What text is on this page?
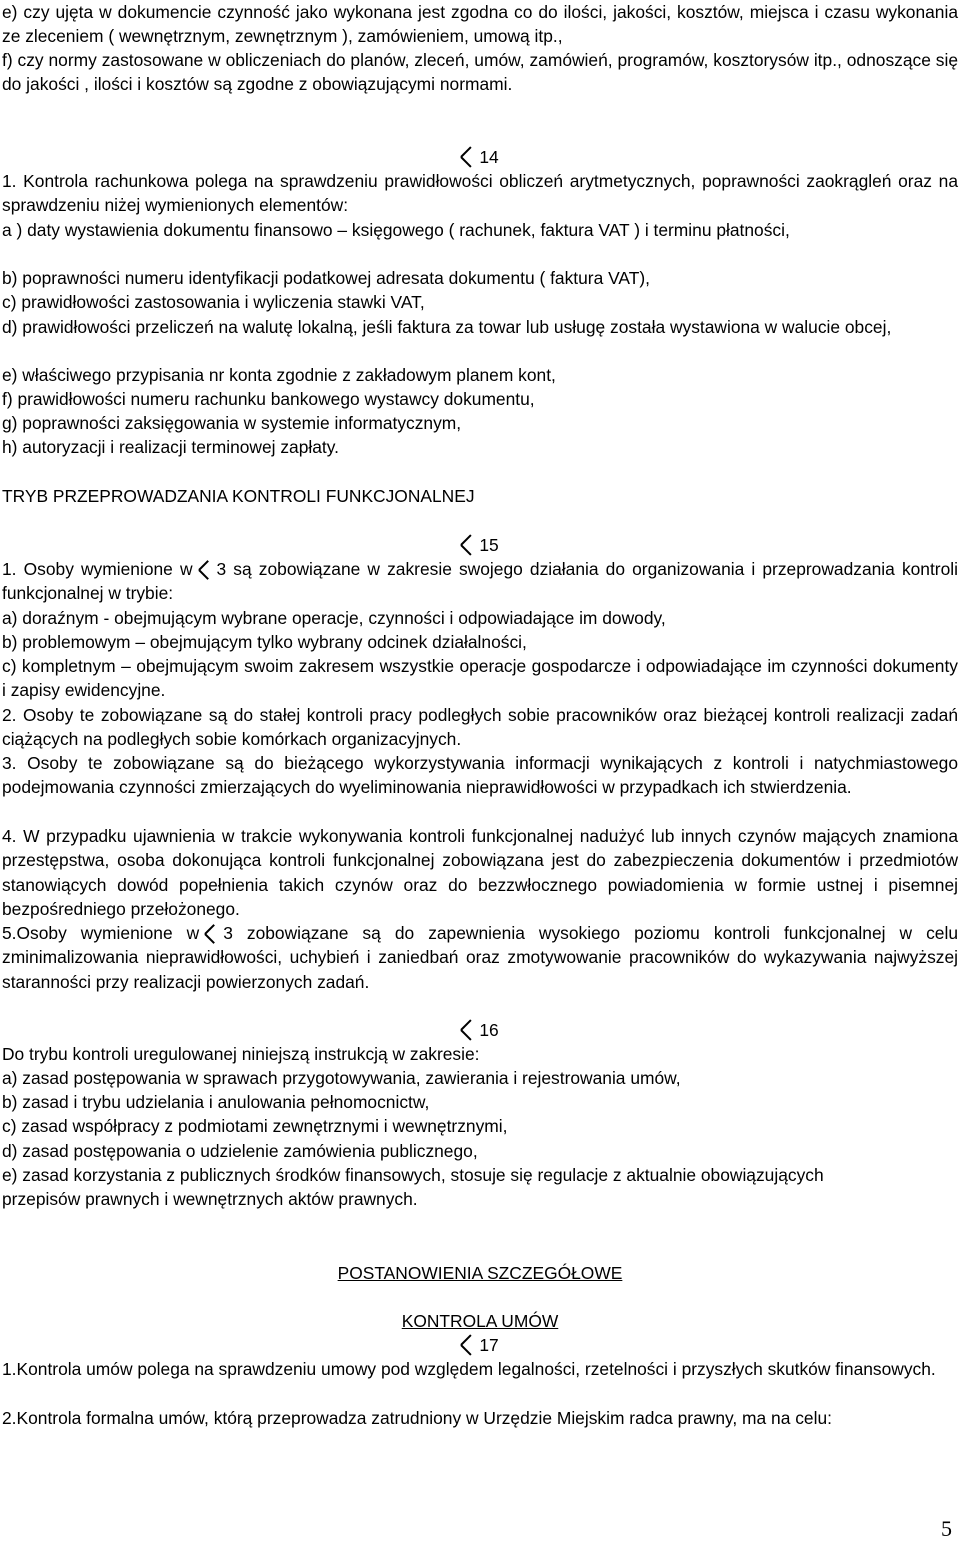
e) czy ujęta w dokumencie czynność jako wykonana jest zgodna co do ilości, jakości, kosztów, miejsca i czasu wykonania ze zleceniem ( wewnętrznym, zewnętrznym ), zamówieniem, umową itp.,

f) czy normy zastosowane w obliczeniach do planów, zleceń, umów, zamówień, programów, kosztorysów itp., odnoszące się do jakości , ilości i kosztów są zgodne z obowiązującymi normami.

14

1. Kontrola rachunkowa polega na sprawdzeniu prawidłowości obliczeń arytmetycznych, poprawności zaokrągleń oraz na sprawdzeniu niżej wymienionych elementów:

a ) daty wystawienia dokumentu finansowo – księgowego ( rachunek, faktura VAT ) i terminu płatności,

b) poprawności numeru identyfikacji podatkowej adresata dokumentu ( faktura VAT),

c) prawidłowości zastosowania i wyliczenia stawki VAT,

d) prawidłowości przeliczeń na walutę lokalną, jeśli faktura za towar lub usługę została wystawiona w walucie obcej,

e) właściwego przypisania nr konta zgodnie z zakładowym planem kont,

f) prawidłowości numeru rachunku bankowego wystawcy dokumentu,

g) poprawności zaksięgowania w systemie informatycznym,

h) autoryzacji i realizacji terminowej zapłaty.

TRYB PRZEPROWADZANIA KONTROLI FUNKCJONALNEJ

15

1. Osoby wymienione w 3 są zobowiązane w zakresie swojego działania do organizowania i przeprowadzania kontroli funkcjonalnej w trybie:

a) doraźnym - obejmującym wybrane operacje, czynności i odpowiadające im dowody,

b) problemowym – obejmującym tylko wybrany odcinek działalności,

c) kompletnym – obejmującym swoim zakresem wszystkie operacje gospodarcze i odpowiadające im czynności dokumenty i zapisy ewidencyjne.

2. Osoby te zobowiązane są do stałej kontroli pracy podległych sobie pracowników oraz bieżącej kontroli realizacji zadań ciążących na podległych sobie komórkach organizacyjnych.

3. Osoby te zobowiązane są do bieżącego wykorzystywania informacji wynikających z kontroli i natychmiastowego podejmowania czynności zmierzających do wyeliminowania nieprawidłowości w przypadkach ich stwierdzenia.

4. W przypadku ujawnienia w trakcie wykonywania kontroli funkcjonalnej nadużyć lub innych czynów mających znamiona przestępstwa, osoba dokonująca kontroli funkcjonalnej zobowiązana jest do zabezpieczenia dokumentów i przedmiotów stanowiących dowód popełnienia takich czynów oraz do bezzwłocznego powiadomienia w formie ustnej i pisemnej bezpośredniego przełożonego.

5.Osoby wymienione w 3 zobowiązane są do zapewnienia wysokiego poziomu kontroli funkcjonalnej w celu zminimalizowania nieprawidłowości, uchybień i zaniedbań oraz zmotywowanie pracowników do wykazywania najwyższej staranności przy realizacji powierzonych zadań.

16

Do trybu kontroli uregulowanej niniejszą instrukcją w zakresie:

a) zasad postępowania w sprawach przygotowywania, zawierania i rejestrowania umów,

b) zasad i trybu udzielania i anulowania pełnomocnictw,

c) zasad współpracy z podmiotami zewnętrznymi i wewnętrznymi,

d) zasad postępowania o udzielenie zamówienia publicznego,

e) zasad korzystania z publicznych środków finansowych, stosuje się regulacje z aktualnie obowiązujących przepisów prawnych i wewnętrznych aktów prawnych.

POSTANOWIENIA SZCZEGÓŁOWE

KONTROLA UMÓW

17

1.Kontrola umów polega na sprawdzeniu umowy pod względem legalności, rzetelności i przyszłych skutków finansowych.

2.Kontrola formalna umów, którą przeprowadza zatrudniony w Urzędzie Miejskim radca prawny, ma na celu:

5
